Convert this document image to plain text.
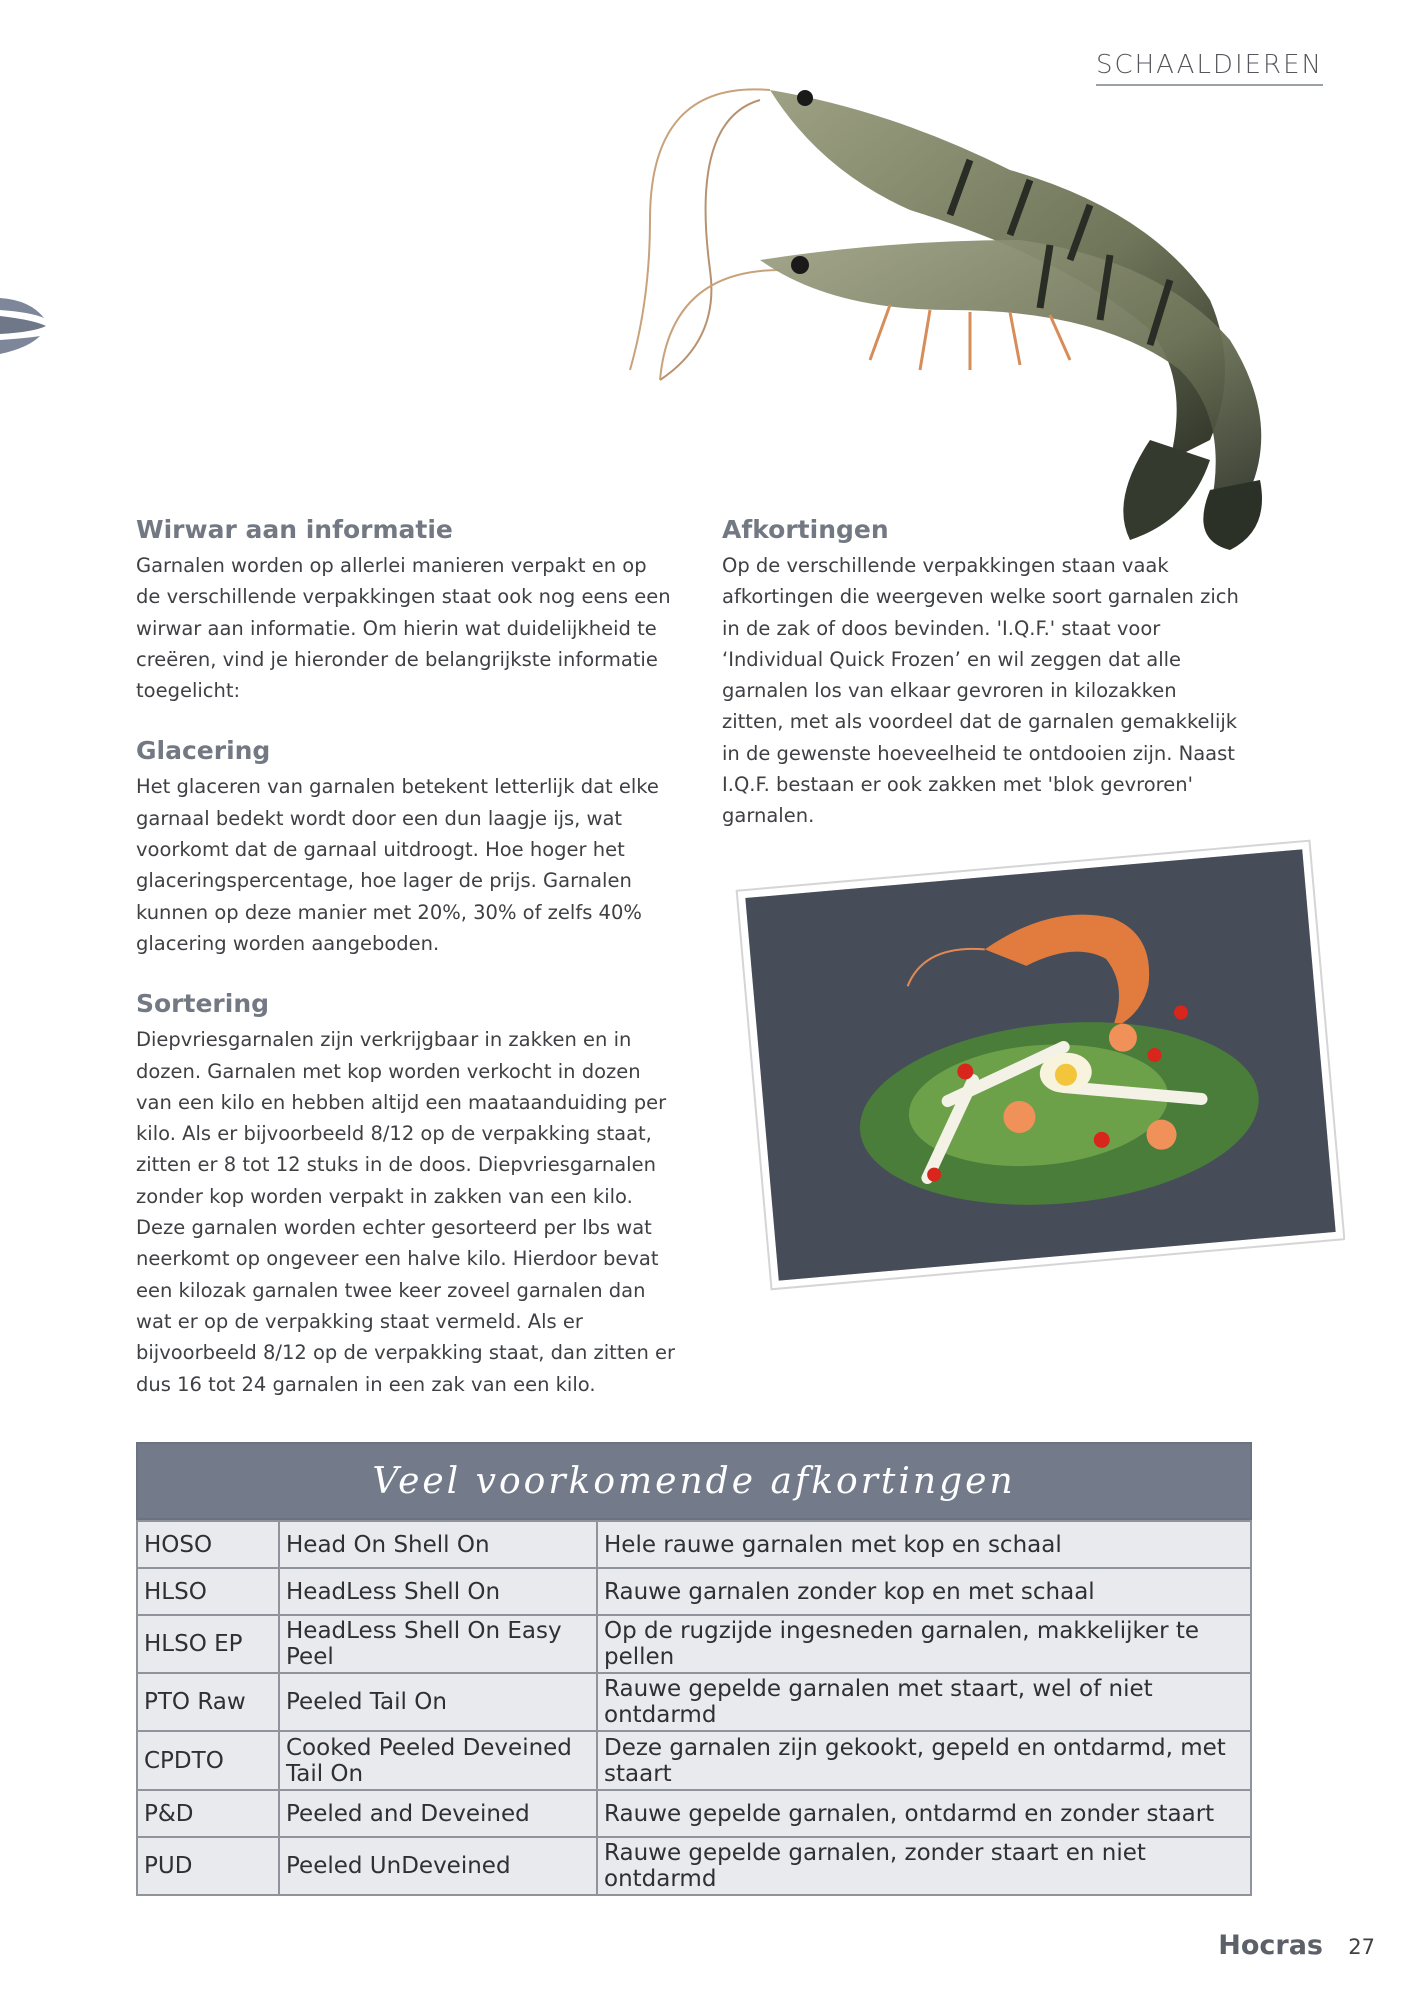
SCHAALDIEREN
Wirwar aan informatie

Garnalen worden op allerlei manieren verpakt en op de verschillende verpakkingen staat ook nog eens een wirwar aan informatie. Om hierin wat duidelijkheid te creëren, vind je hieronder de belangrijkste informatie toegelicht:

Glacering

Het glaceren van garnalen betekent letterlijk dat elke garnaal bedekt wordt door een dun laagje ijs, wat voorkomt dat de garnaal uitdroogt. Hoe hoger het glaceringspercentage, hoe lager de prijs. Garnalen kunnen op deze manier met 20%, 30% of zelfs 40% glacering worden aangeboden.

Sortering

Diepvriesgarnalen zijn verkrijgbaar in zakken en in dozen. Garnalen met kop worden verkocht in dozen van een kilo en hebben altijd een maataanduiding per kilo. Als er bijvoorbeeld 8/12 op de verpakking staat, zitten er 8 tot 12 stuks in de doos. Diepvriesgarnalen zonder kop worden verpakt in zakken van een kilo. Deze garnalen worden echter gesorteerd per lbs wat neerkomt op ongeveer een halve kilo. Hierdoor bevat een kilozak garnalen twee keer zoveel garnalen dan wat er op de verpakking staat vermeld. Als er bijvoorbeeld 8/12 op de verpakking staat, dan zitten er dus 16 tot 24 garnalen in een zak van een kilo.

Afkortingen

Op de verschillende verpakkingen staan vaak afkortingen die weergeven welke soort garnalen zich in de zak of doos bevinden. 'I.Q.F.' staat voor ‘Individual Quick Frozen’ en wil zeggen dat alle garnalen los van elkaar gevroren in kilozakken zitten, met als voordeel dat de garnalen gemakkelijk in de gewenste hoeveelheid te ontdooien zijn. Naast I.Q.F. bestaan er ook zakken met 'blok gevroren' garnalen.

Veel voorkomende afkortingen
HOSO	Head On Shell On	Hele rauwe garnalen met kop en schaal
HLSO	HeadLess Shell On	Rauwe garnalen zonder kop en met schaal
HLSO EP	HeadLess Shell On Easy Peel	Op de rugzijde ingesneden garnalen, makkelijker te pellen
PTO Raw	Peeled Tail On	Rauwe gepelde garnalen met staart, wel of niet ontdarmd
CPDTO	Cooked Peeled Deveined Tail On	Deze garnalen zijn gekookt, gepeld en ontdarmd, met staart
P&D	Peeled and Deveined	Rauwe gepelde garnalen, ontdarmd en zonder staart
PUD	Peeled UnDeveined	Rauwe gepelde garnalen, zonder staart en niet ontdarmd
Hocras 27
